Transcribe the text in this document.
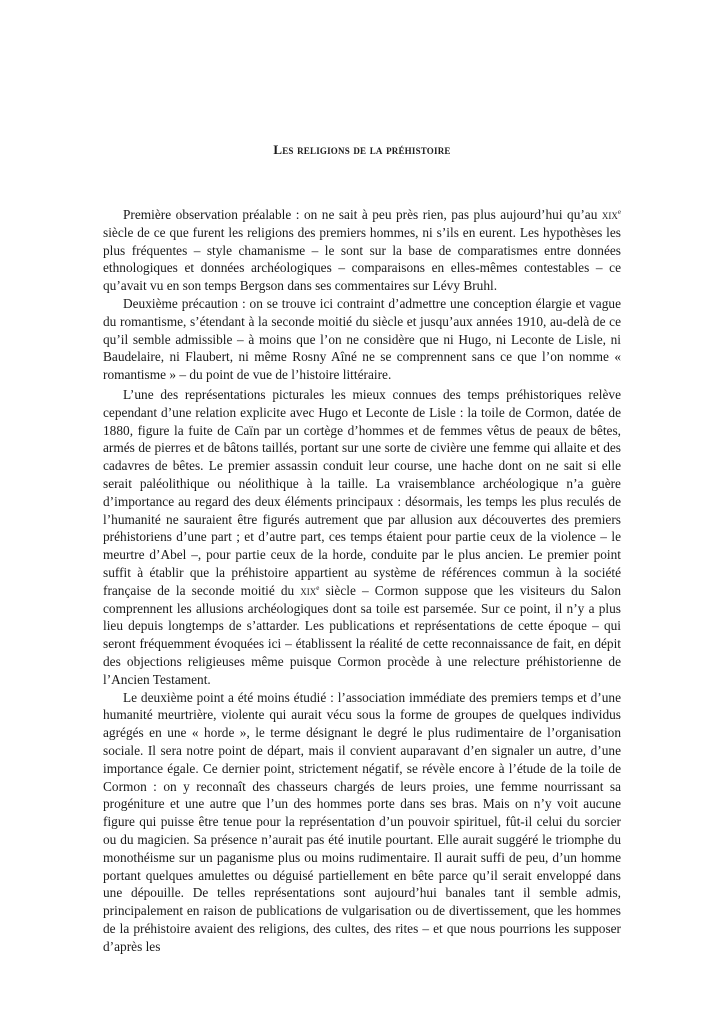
Les religions de la préhistoire

Première observation préalable : on ne sait à peu près rien, pas plus aujourd’hui qu’au xix$^e$ siècle de ce que furent les religions des premiers hommes, ni s’ils en eurent. Les hypothèses les plus fréquentes – style chamanisme – le sont sur la base de comparatismes entre données ethnologiques et données archéologiques – comparaisons en elles-mêmes contestables – ce qu’avait vu en son temps Bergson dans ses commentaires sur Lévy Bruhl.

Deuxième précaution : on se trouve ici contraint d’admettre une conception élargie et vague du romantisme, s’étendant à la seconde moitié du siècle et jusqu’aux années 1910, au-delà de ce qu’il semble admissible – à moins que l’on ne considère que ni Hugo, ni Leconte de Lisle, ni Baudelaire, ni Flaubert, ni même Rosny Aîné ne se comprennent sans ce que l’on nomme « romantisme » – du point de vue de l’histoire littéraire.

L’une des représentations picturales les mieux connues des temps préhistoriques relève cependant d’une relation explicite avec Hugo et Leconte de Lisle : la toile de Cormon, datée de 1880, figure la fuite de Caïn par un cortège d’hommes et de femmes vêtus de peaux de bêtes, armés de pierres et de bâtons taillés, portant sur une sorte de civière une femme qui allaite et des cadavres de bêtes. Le premier assassin conduit leur course, une hache dont on ne sait si elle serait paléolithique ou néolithique à la taille. La vraisemblance archéologique n’a guère d’importance au regard des deux éléments principaux : désormais, les temps les plus reculés de l’humanité ne sauraient être figurés autrement que par allusion aux découvertes des premiers préhistoriens d’une part ; et d’autre part, ces temps étaient pour partie ceux de la violence – le meurtre d’Abel –, pour partie ceux de la horde, conduite par le plus ancien. Le premier point suffit à établir que la préhistoire appartient au système de références commun à la société française de la seconde moitié du xix$^e$ siècle – Cormon suppose que les visiteurs du Salon comprennent les allusions archéologiques dont sa toile est parsemée. Sur ce point, il n’y a plus lieu depuis longtemps de s’attarder. Les publications et représentations de cette époque – qui seront fréquemment évoquées ici – établissent la réalité de cette reconnaissance de fait, en dépit des objections religieuses même puisque Cormon procède à une relecture préhistorienne de l’Ancien Testament.

Le deuxième point a été moins étudié : l’association immédiate des premiers temps et d’une humanité meurtrière, violente qui aurait vécu sous la forme de groupes de quelques individus agrégés en une « horde », le terme désignant le degré le plus rudimentaire de l’organisation sociale. Il sera notre point de départ, mais il convient auparavant d’en signaler un autre, d’une importance égale. Ce dernier point, strictement négatif, se révèle encore à l’étude de la toile de Cormon : on y reconnaît des chasseurs chargés de leurs proies, une femme nourrissant sa progéniture et une autre que l’un des hommes porte dans ses bras. Mais on n’y voit aucune figure qui puisse être tenue pour la représentation d’un pouvoir spirituel, fût-il celui du sorcier ou du magicien. Sa présence n’aurait pas été inutile pourtant. Elle aurait suggéré le triomphe du monothéisme sur un paganisme plus ou moins rudimentaire. Il aurait suffi de peu, d’un homme portant quelques amulettes ou déguisé partiellement en bête parce qu’il serait enveloppé dans une dépouille. De telles représentations sont aujourd’hui banales tant il semble admis, principalement en raison de publications de vulgarisation ou de divertissement, que les hommes de la préhistoire avaient des religions, des cultes, des rites – et que nous pourrions les supposer d’après les
